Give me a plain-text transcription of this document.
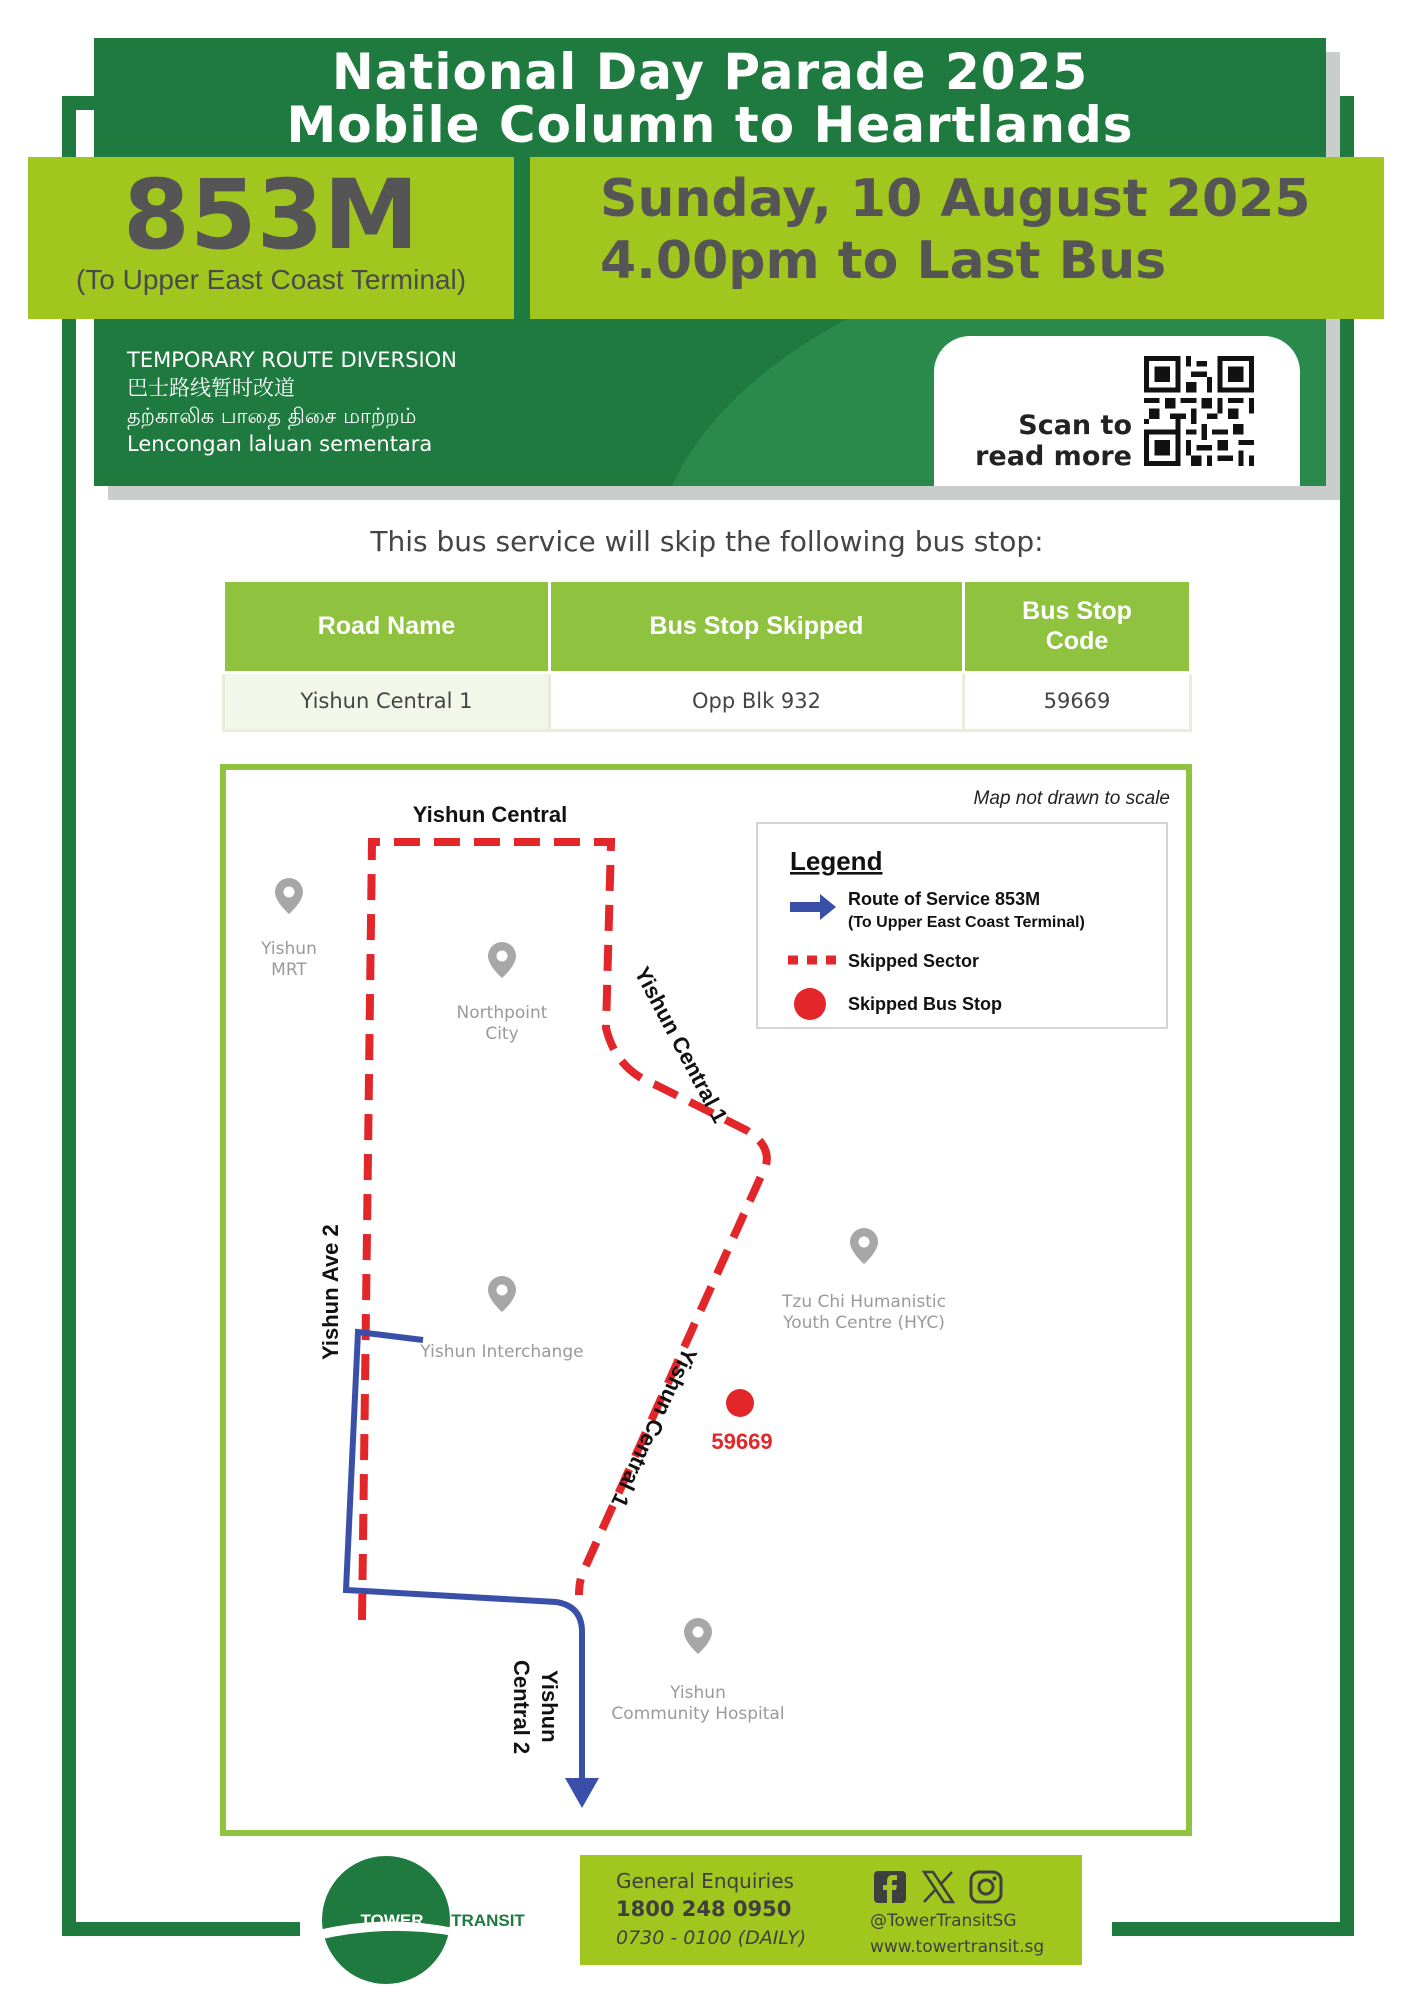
National Day Parade 2025
Mobile Column to Heartlands
TEMPORARY ROUTE DIVERSION
巴士路线暂时改道
தற்காலிக பாதை திசை மாற்றம்
Lencongan laluan sementara
Scan to
read more
853M
(To Upper East Coast Terminal)
Sunday, 10 August 2025
4.00pm to Last Bus
This bus service will skip the following bus stop:
Road Name	Bus Stop Skipped	Bus Stop Code
Yishun Central 1	Opp Blk 932	59669
59669
Yishun Central
Yishun Central 1
Yishun Central 1
Yishun Ave 2
Yishun
Central 2
Yishun
MRT
Northpoint
City
Yishun Interchange
Tzu Chi Humanistic
Youth Centre (HYC)
Yishun
Community Hospital
Map not drawn to scale
Legend
Route of Service 853M
(To Upper East Coast Terminal)
Skipped Sector
Skipped Bus Stop
TOWER TRANSIT
General Enquiries
1800 248 0950
0730 - 0100 (DAILY)
@TowerTransitSG
www.towertransit.sg
